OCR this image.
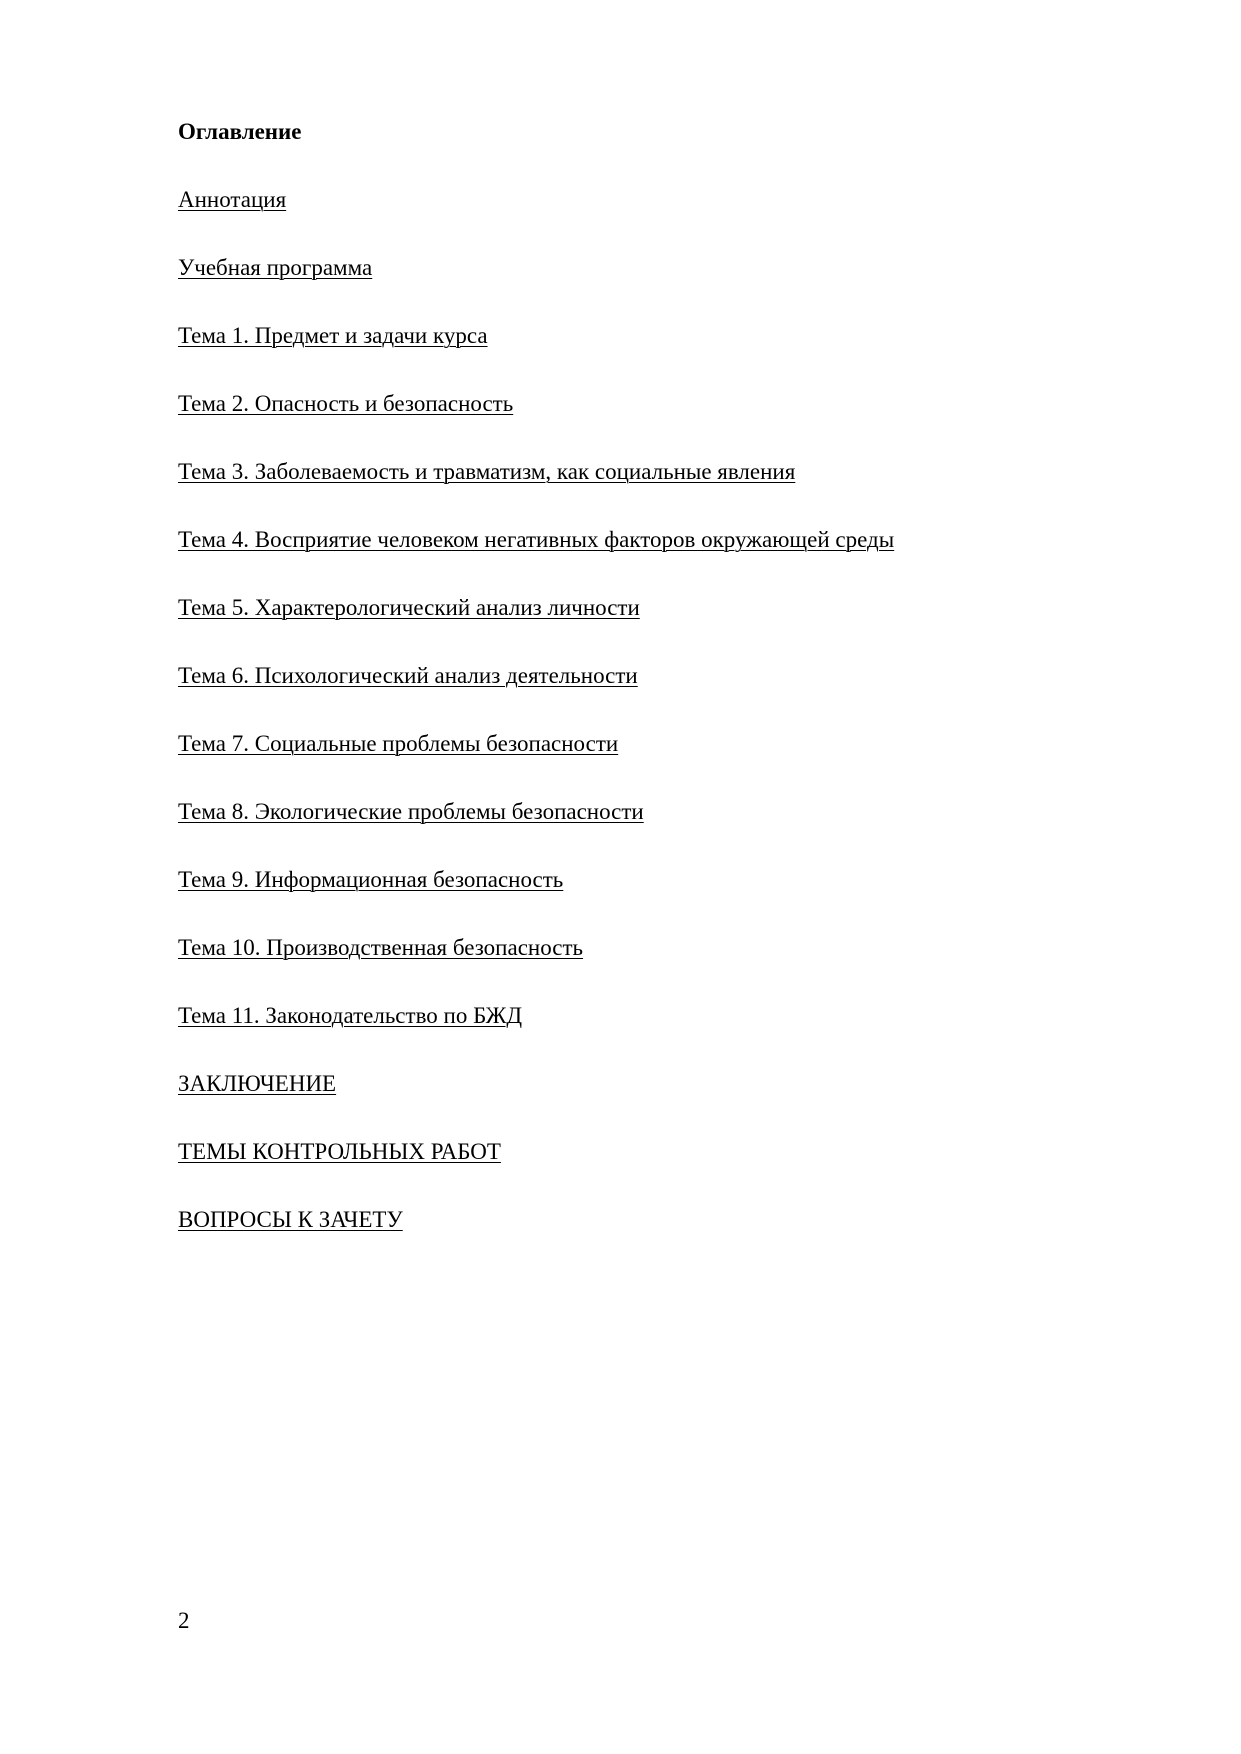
Оглавление
Аннотация
Учебная программа
Тема 1. Предмет и задачи курса
Тема 2. Опасность и безопасность
Тема 3. Заболеваемость и травматизм, как социальные явления
Тема 4. Восприятие человеком негативных факторов окружающей среды
Тема 5. Характерологический анализ личности
Тема 6. Психологический анализ деятельности
Тема 7. Социальные проблемы безопасности
Тема 8. Экологические проблемы безопасности
Тема 9. Информационная безопасность
Тема 10. Производственная безопасность
Тема 11. Законодательство по БЖД
ЗАКЛЮЧЕНИЕ
ТЕМЫ КОНТРОЛЬНЫХ РАБОТ
ВОПРОСЫ К ЗАЧЕТУ
2
